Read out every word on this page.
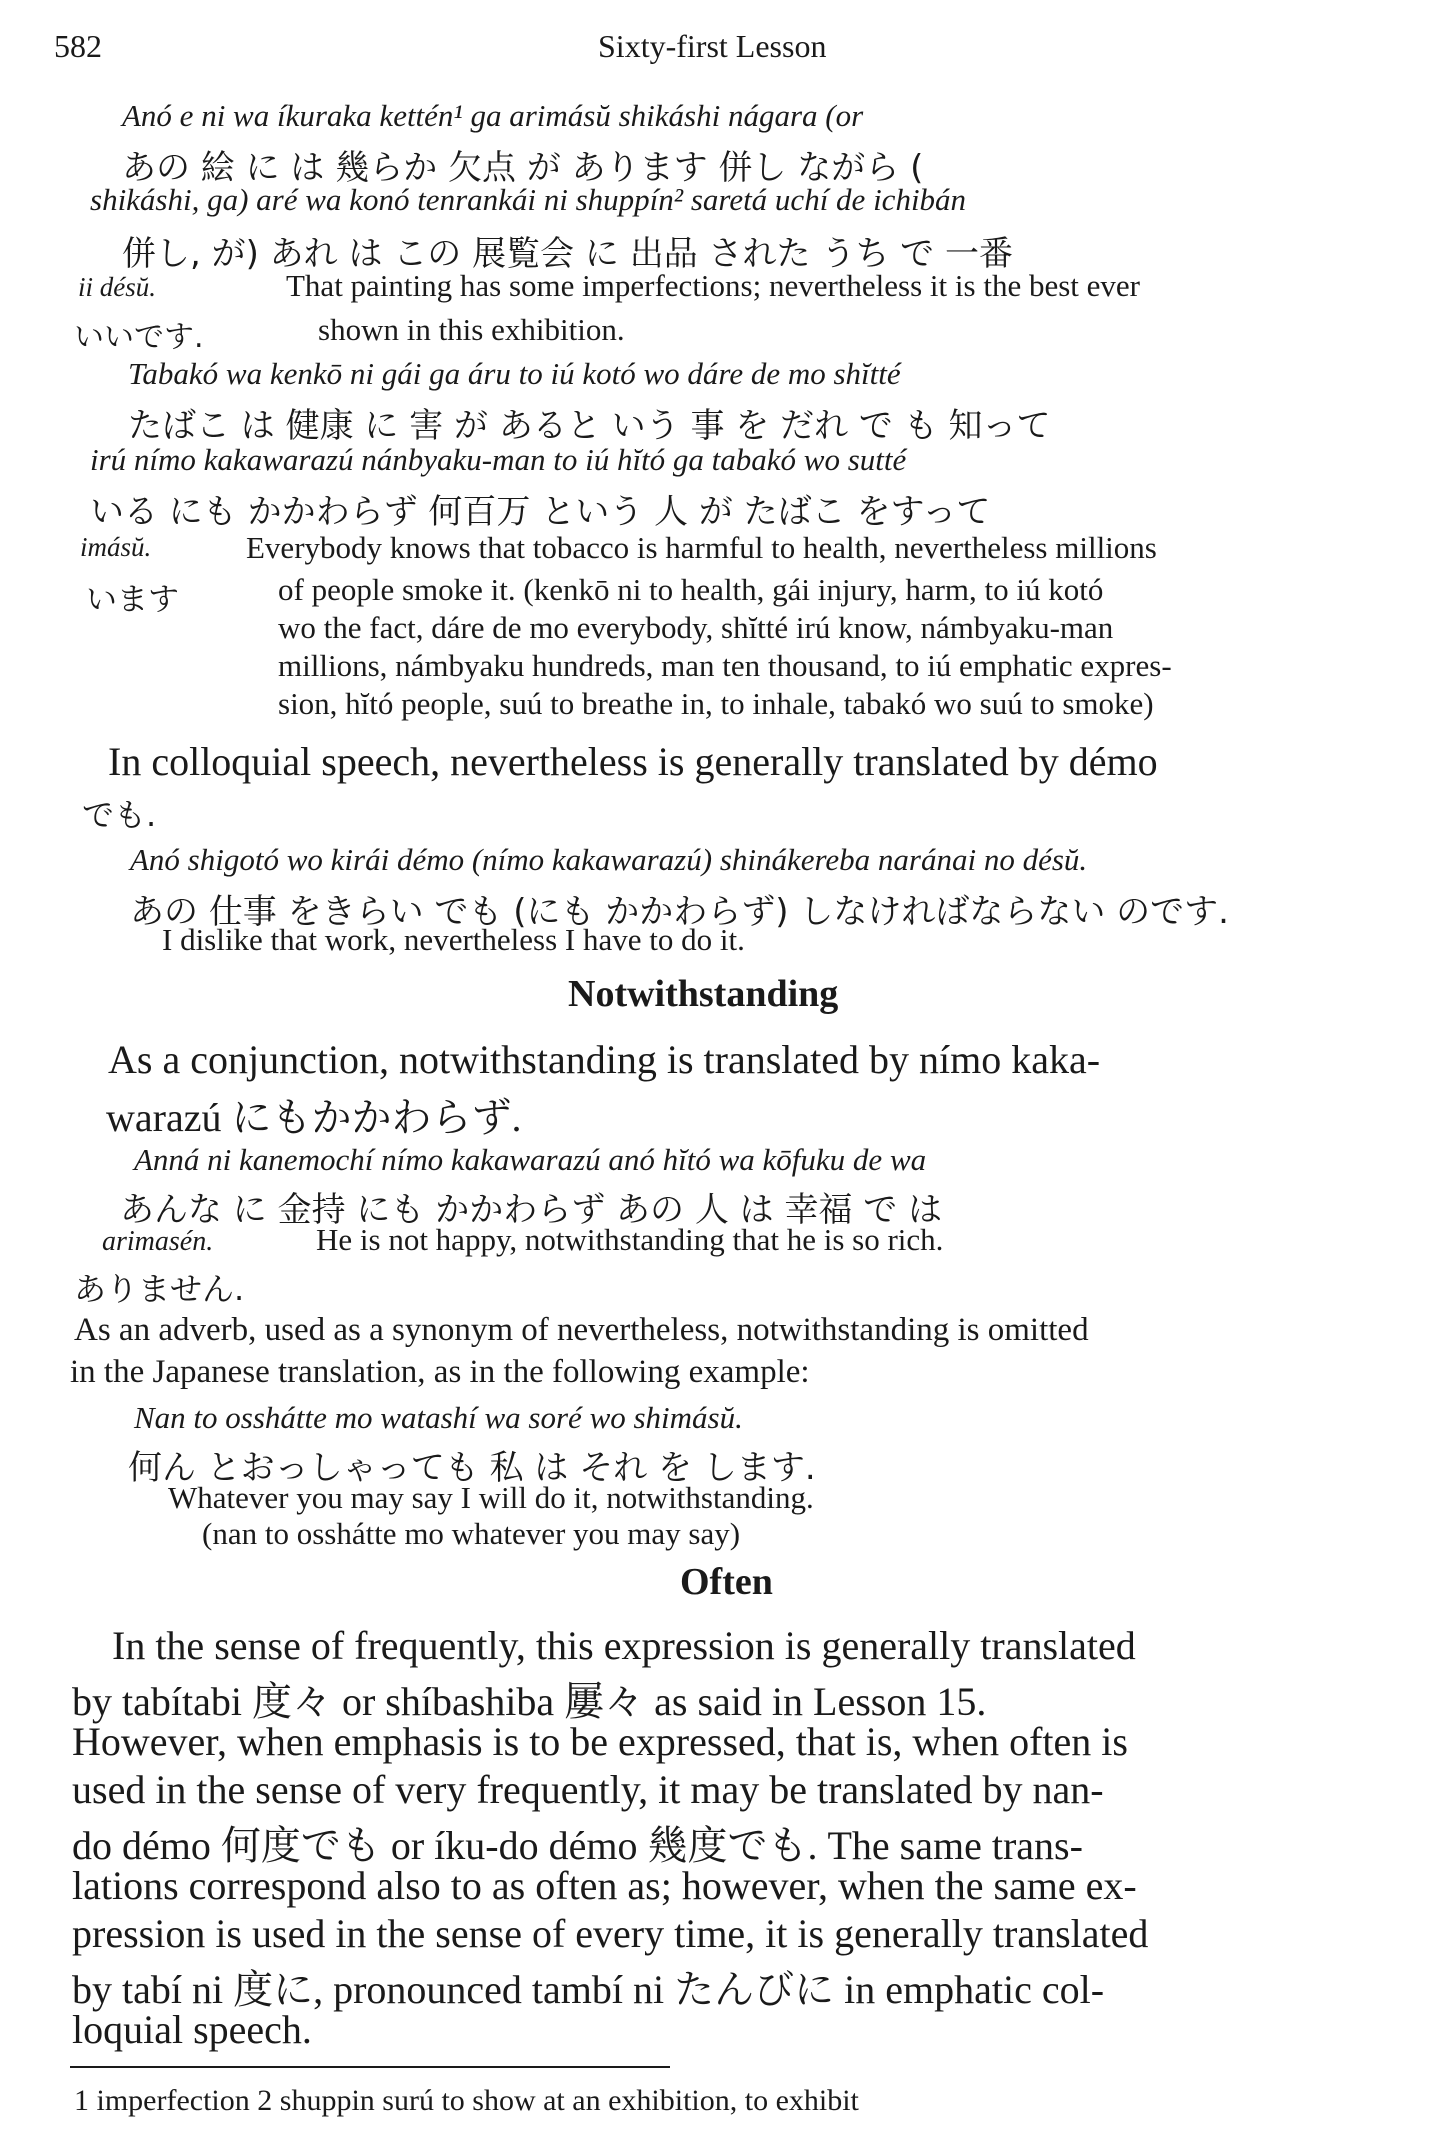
582	Sixty-first Lesson
Anó e ni wa íkuraka kettén¹ ga arimásŭ shikáshi nágara (or
あの 絵 に は 幾らか 欠点 が あります 併し ながら (
shikáshi, ga) aré wa konó tenrankái ni shuppín² saretá uchí de ichibán
併し, が) あれ は この 展覧会 に 出品 された うち で 一番
ii désŭ.	That painting has some imperfections; nevertheless it is the best ever
いいです.	shown in this exhibition.
Tabakó wa kenkō ni gái ga áru to iú kotó wo dáre de mo shĭtté
たばこ は 健康 に 害 が あると いう 事 を だれ で も 知って
irú nímo kakawarazú nánbyaku-man to iú hĭtó ga tabakó wo sutté
いる にも かかわらず 何百万 という 人 が たばこ をすって
imásŭ.	Everybody knows that tobacco is harmful to health, nevertheless millions
います	of people smoke it. (kenkō ni to health, gái injury, harm, to iú kotó
wo the fact, dáre de mo everybody, shĭtté irú know, námbyaku-man
millions, námbyaku hundreds, man ten thousand, to iú emphatic expres-
sion, hĭtó people, suú to breathe in, to inhale, tabakó wo suú to smoke)
In colloquial speech, nevertheless is generally translated by démo
でも.
Anó shigotó wo kirái démo (nímo kakawarazú) shinákereba naránai no désŭ.
あの 仕事 をきらい でも (にも かかわらず) しなければならない のです.
I dislike that work, nevertheless I have to do it.
Notwithstanding
As a conjunction, notwithstanding is translated by nímo kaka-
warazú にもかかわらず.
Anná ni kanemochí nímo kakawarazú anó hĭtó wa kōfuku de wa
あんな に 金持 にも かかわらず あの 人 は 幸福 で は
arimasén.	He is not happy, notwithstanding that he is so rich.
ありません.
As an adverb, used as a synonym of nevertheless, notwithstanding is omitted
in the Japanese translation, as in the following example:
Nan to osshátte mo watashí wa soré wo shimásŭ.
何ん とおっしゃっても 私 は それ を します.
Whatever you may say I will do it, notwithstanding.
(nan to osshátte mo whatever you may say)
Often
In the sense of frequently, this expression is generally translated
by tabítabi 度々 or shíbashiba 屢々 as said in Lesson 15.
However, when emphasis is to be expressed, that is, when often is
used in the sense of very frequently, it may be translated by nan-
do démo 何度でも or íku-do démo 幾度でも. The same trans-
lations correspond also to as often as; however, when the same ex-
pression is used in the sense of every time, it is generally translated
by tabí ni 度に, pronounced tambí ni たんびに in emphatic col-
loquial speech.
1 imperfection 2 shuppin surú to show at an exhibition, to exhibit
